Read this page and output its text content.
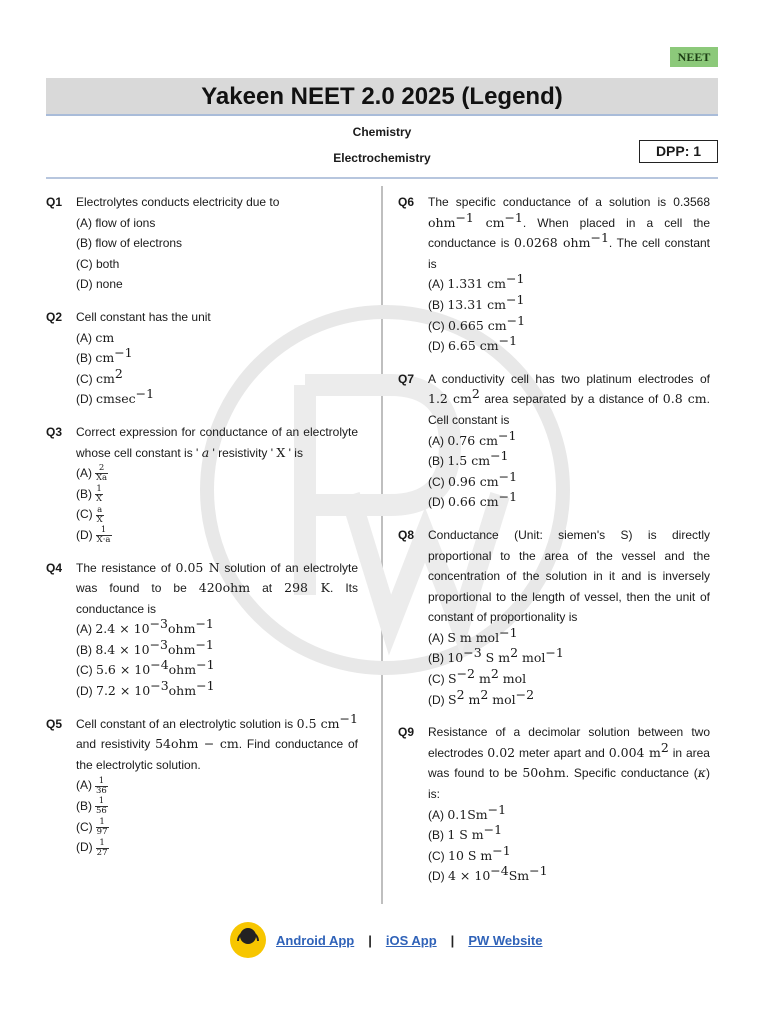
NEET
Yakeen NEET 2.0 2025 (Legend)
Chemistry
Electrochemistry	DPP: 1
Q1 Electrolytes conducts electricity due to
(A) flow of ions
(B) flow of electrons
(C) both
(D) none
Q2 Cell constant has the unit
(A) cm
(B) $cm^{-1}$
(C) $cm^2$
(D) cmsec$^{-1}$
Q3 Correct expression for conductance of an electrolyte whose cell constant is ' a ' resistivity ' X ' is
$(A) \frac{2}{Xa}$
$(B) \frac{1}{X}$
$(C) \frac{a}{X}$
$(D) \frac{1}{X\cdot a}$
Q4 The resistance of 0.05 N solution of an electrolyte was found to be 420ohm at 298 K. Its conductance is
(A) $2.4 \times 10^{-3}ohm^{-1}$
(B) $8.4 \times 10^{-3}ohm^{-1}$
(C) $5.6 \times 10^{-4}ohm^{-1}$
(D) $7.2 \times 10^{-3}ohm^{-1}$
Q5 Cell constant of an electrolytic solution is 0.5 $cm^{-1}$ and resistivity 54ohm − cm. Find conductance of the electrolytic solution.
$(A) \frac{1}{36}$
$(B) \frac{1}{56}$
$(C) \frac{1}{97}$
$(D) \frac{1}{27}$
Q6 The specific conductance of a solution is 0.3568 ohm$^{-1}$ $cm^{-1}$. When placed in a cell the conductance is 0.0268 ohm$^{-1}$. The cell constant is
(A) 1.331 $cm^{-1}$
(B) 13.31 $cm^{-1}$
(C) 0.665 $cm^{-1}$
(D) 6.65 $cm^{-1}$
Q7 A conductivity cell has two platinum electrodes of 1.2 $cm^2$ area separated by a distance of 0.8 cm. Cell constant is
(A) 0.76 $cm^{-1}$
(B) 1.5 $cm^{-1}$
(C) 0.96 $cm^{-1}$
(D) 0.66 $cm^{-1}$
Q8 Conductance (Unit: siemen's S) is directly proportional to the area of the vessel and the concentration of the solution in it and is inversely proportional to the length of vessel, then the unit of constant of proportionality is
(A) S m mol$^{-1}$
(B) $10^{-3}$ S $m^2$ mol$^{-1}$
(C) $S^{-2}$ $m^2$ mol
(D) $S^2$ $m^2$ mol$^{-2}$
Q9 Resistance of a decimolar solution between two electrodes 0.02 meter apart and 0.004 $m^2$ in area was found to be 50ohm. Specific conductance (κ) is:
(A) $0.1Sm^{-1}$
(B) 1 S $m^{-1}$
(C) 10 S $m^{-1}$
(D) $4 \times 10^{-4}Sm^{-1}$
Android App | iOS App | PW Website
